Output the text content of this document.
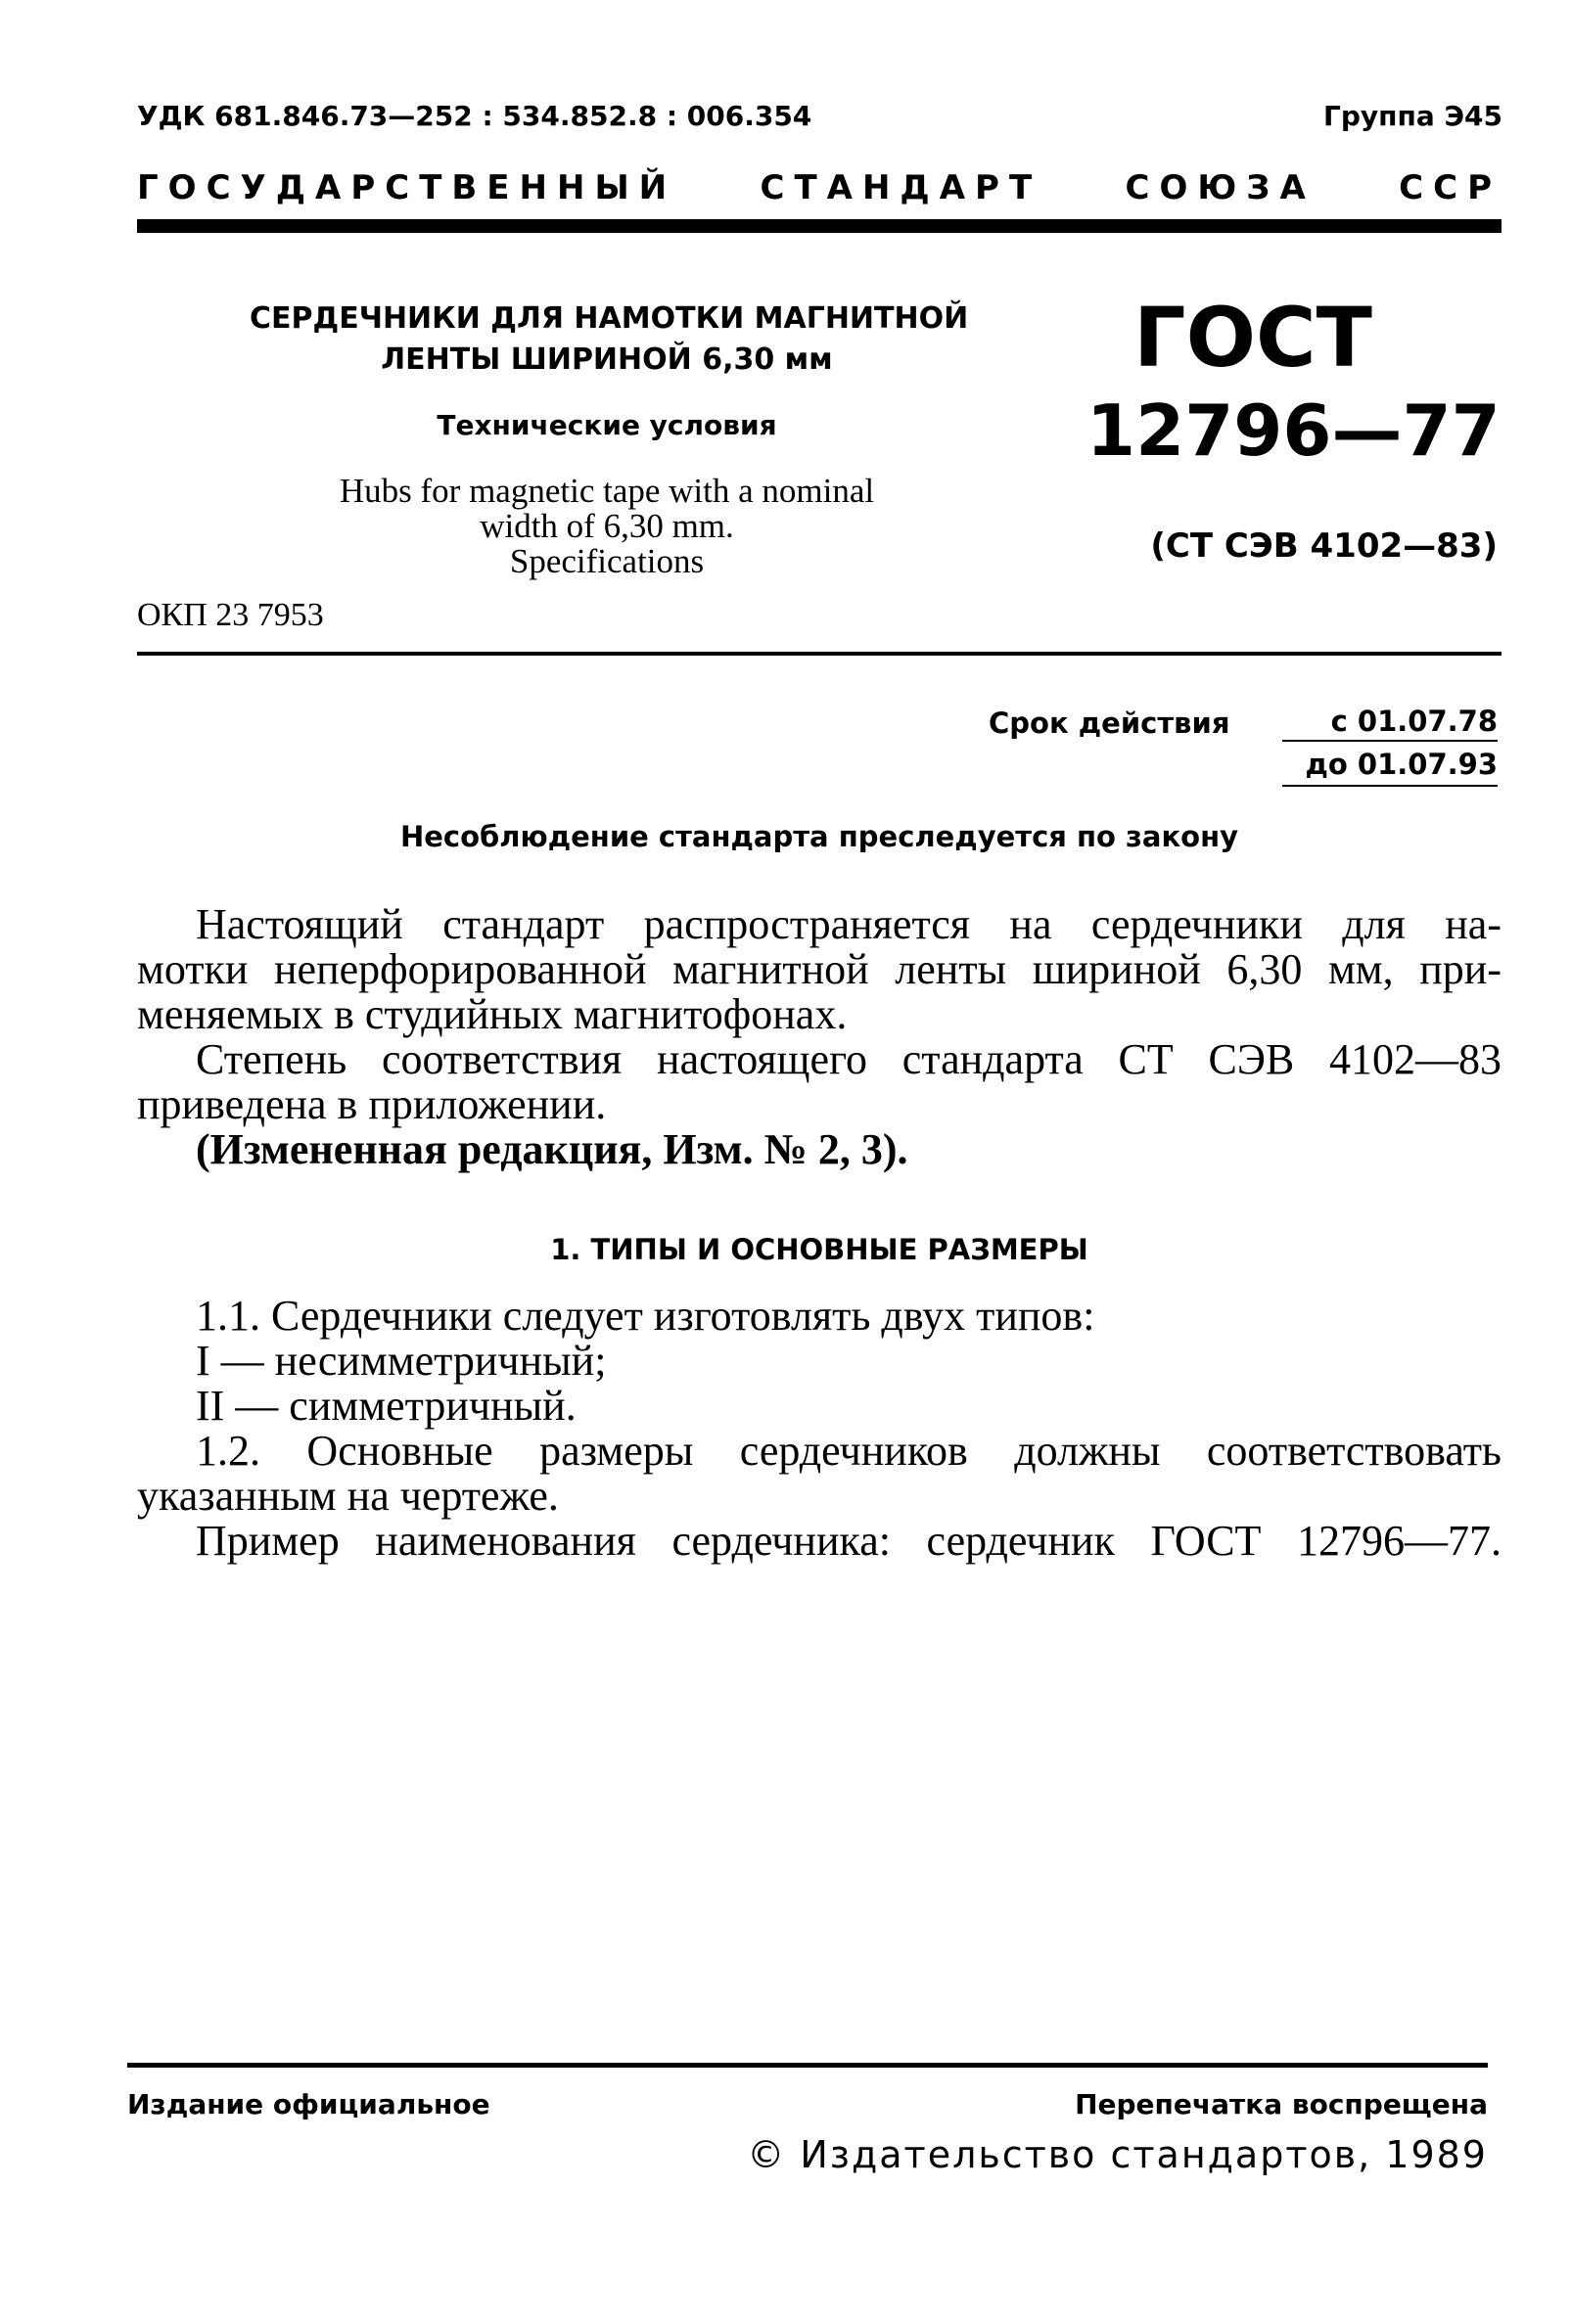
УДК 681.846.73—252 : 534.852.8 : 006.354	Группа Э45

ГОСУДАРСТВЕННЫЙ СТАНДАРТ СОЮЗА ССР

СЕРДЕЧНИКИ ДЛЯ НАМОТКИ МАГНИТНОЙ

ЛЕНТЫ ШИРИНОЙ 6,30 мм

Технические условия

Hubs for magnetic tape with a nominal

width of 6,30 mm.

Specifications

ОКП 23 7953

ГОСТ

12796—77

(СТ СЭВ 4102—83)

Срок действия	с 01.07.78

до 01.07.93

Несоблюдение стандарта преследуется по закону

Настоящий стандарт распространяется на сердечники для на-

мотки неперфорированной магнитной ленты шириной 6,30 мм, при-

меняемых в студийных магнитофонах.

Степень соответствия настоящего стандарта СТ СЭВ 4102—83

приведена в приложении.

(Измененная редакция, Изм. № 2, 3).

1. ТИПЫ И ОСНОВНЫЕ РАЗМЕРЫ

1.1. Сердечники следует изготовлять двух типов:

I — несимметричный;

II — симметричный.

1.2. Основные размеры сердечников должны соответствовать

указанным на чертеже.

Пример наименования сердечника: сердечник ГОСТ 12796—77.

Издание официальное	Перепечатка воспрещена

© Издательство стандартов, 1989
